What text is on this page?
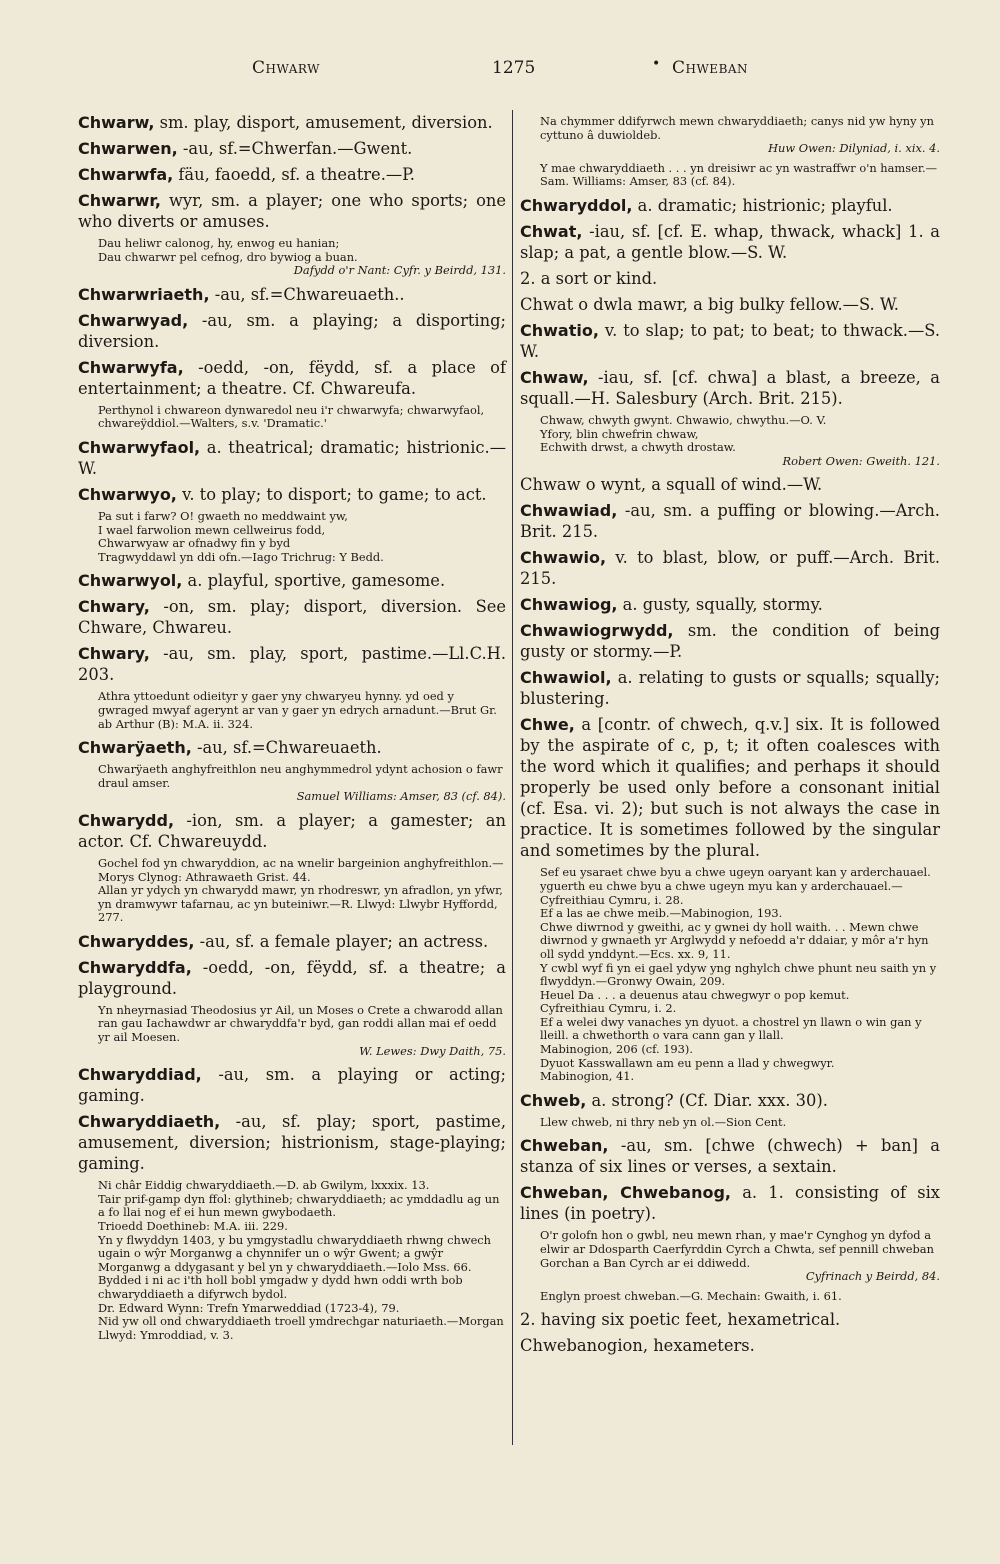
Chwarw	1275	• Chweban
Chwarw, sm. play, disport, amusement, diversion.
Chwarwen, -au, sf.=Chwerfan.—Gwent.
Chwarwfa, fäu, faoedd, sf. a theatre.—P.
Chwarwr, wyr, sm. a player; one who sports; one who diverts or amuses.
Dau heliwr calonog, hy, enwog eu hanian;
Dau chwarwr pel cefnog, dro bywiog a buan.
Dafydd o'r Nant: Cyfr. y Beirdd, 131.
Chwarwriaeth, -au, sf.=Chwareuaeth..
Chwarwyad, -au, sm. a playing; a disporting; diversion.
Chwarwyfa, -oedd, -on, fëydd, sf. a place of entertainment; a theatre. Cf. Chwareufa.
Perthynol i chwareon dynwaredol neu i'r chwarwyfa; chwarwyfaol, chwareÿddiol.—Walters, s.v. 'Dramatic.'
Chwarwyfaol, a. theatrical; dramatic; histrionic.—W.
Chwarwyo, v. to play; to disport; to game; to act.
Pa sut i farw? O! gwaeth no meddwaint yw,
I wael farwolion mewn cellweirus fodd,
Chwarwyaw ar ofnadwy fin y byd
Tragwyddawl yn ddi ofn.—Iago Trichrug: Y Bedd.
Chwarwyol, a. playful, sportive, gamesome.
Chwary, -on, sm. play; disport, diversion. See Chware, Chwareu.
Chwary, -au, sm. play, sport, pastime.—Ll.C.H. 203.
Athra yttoedunt odieityr y gaer yny chwaryeu hynny. yd oed y gwraged mwyaf agerynt ar van y gaer yn edrych arnadunt.—Brut Gr. ab Arthur (B): M.A. ii. 324.
Chwarÿaeth, -au, sf.=Chwareuaeth.
Chwarÿaeth anghyfreithlon neu anghymmedrol ydynt achosion o fawr draul amser.
Samuel Williams: Amser, 83 (cf. 84).
Chwarydd, -ion, sm. a player; a gamester; an actor. Cf. Chwareuydd.
Gochel fod yn chwaryddion, ac na wnelir bargeinion anghyfreithlon.—Morys Clynog: Athrawaeth Grist. 44.
Allan yr ydych yn chwarydd mawr, yn rhodreswr, yn afradlon, yn yfwr, yn dramwywr tafarnau, ac yn buteiniwr.—R. Llwyd: Llwybr Hyffordd, 277.
Chwaryddes, -au, sf. a female player; an actress.
Chwaryddfa, -oedd, -on, fëydd, sf. a theatre; a playground.
Yn nheyrnasiad Theodosius yr Ail, un Moses o Crete a chwarodd allan ran gau Iachawdwr ar chwaryddfa'r byd, gan roddi allan mai ef oedd yr ail Moesen.
W. Lewes: Dwy Daith, 75.
Chwaryddiad, -au, sm. a playing or acting; gaming.
Chwaryddiaeth, -au, sf. play; sport, pastime, amusement, diversion; histrionism, stage-playing; gaming.
Ni châr Eiddig chwaryddiaeth.—D. ab Gwilym, lxxxix. 13.
Tair prif-gamp dyn ffol: glythineb; chwaryddiaeth; ac ymddadlu ag un a fo llai nog ef ei hun mewn gwybodaeth.
Trioedd Doethineb: M.A. iii. 229.
Yn y flwyddyn 1403, y bu ymgystadlu chwaryddiaeth rhwng chwech ugain o wŷr Morganwg a chynnifer un o wŷr Gwent; a gwŷr Morganwg a ddygasant y bel yn y chwaryddiaeth.—Iolo Mss. 66.
Bydded i ni ac i'th holl bobl ymgadw y dydd hwn oddi wrth bob chwaryddiaeth a difyrwch bydol.
Dr. Edward Wynn: Trefn Ymarweddiad (1723-4), 79.
Nid yw oll ond chwaryddiaeth troell ymdrechgar naturiaeth.—Morgan Llwyd: Ymroddiad, v. 3.
Na chymmer ddifyrwch mewn chwaryddiaeth; canys nid yw hyny yn cyttuno â duwioldeb.
Huw Owen: Dilyniad, i. xix. 4.
Y mae chwaryddiaeth . . . yn dreisiwr ac yn wastraffwr o'n hamser.—Sam. Williams: Amser, 83 (cf. 84).
Chwaryddol, a. dramatic; histrionic; playful.
Chwat, -iau, sf. [cf. E. whap, thwack, whack] 1. a slap; a pat, a gentle blow.—S. W.
2. a sort or kind.
Chwat o dwla mawr, a big bulky fellow.—S. W.
Chwatio, v. to slap; to pat; to beat; to thwack.—S. W.
Chwaw, -iau, sf. [cf. chwa] a blast, a breeze, a squall.—H. Salesbury (Arch. Brit. 215).
Chwaw, chwyth gwynt. Chwawio, chwythu.—O. V.
Yfory, blin chwefrin chwaw,
Echwith drwst, a chwyth drostaw.
Robert Owen: Gweith. 121.
Chwaw o wynt, a squall of wind.—W.
Chwawiad, -au, sm. a puffing or blowing.—Arch. Brit. 215.
Chwawio, v. to blast, blow, or puff.—Arch. Brit. 215.
Chwawiog, a. gusty, squally, stormy.
Chwawiogrwydd, sm. the condition of being gusty or stormy.—P.
Chwawiol, a. relating to gusts or squalls; squally; blustering.
Chwe, a [contr. of chwech, q.v.] six. It is followed by the aspirate of c, p, t; it often coalesces with the word which it qualifies; and perhaps it should properly be used only before a consonant initial (cf. Esa. vi. 2); but such is not always the case in practice. It is sometimes followed by the singular and sometimes by the plural.
Sef eu ysaraet chwe byu a chwe ugeyn oaryant kan y arderchauael. yguerth eu chwe byu a chwe ugeyn myu kan y arderchauael.—Cyfreithiau Cymru, i. 28.
Ef a las ae chwe meib.—Mabinogion, 193.
Chwe diwrnod y gweithi, ac y gwnei dy holl waith. . . Mewn chwe diwrnod y gwnaeth yr Arglwydd y nefoedd a'r ddaiar, y môr a'r hyn oll sydd ynddynt.—Ecs. xx. 9, 11.
Y cwbl wyf fi yn ei gael ydyw yng nghylch chwe phunt neu saith yn y flwyddyn.—Gronwy Owain, 209.
Heuel Da . . . a deuenus atau chwegwyr o pop kemut.
Cyfreithiau Cymru, i. 2.
Ef a welei dwy vanaches yn dyuot. a chostrel yn llawn o win gan y lleill. a chwethorth o vara cann gan y llall.
Mabinogion, 206 (cf. 193).
Dyuot Kasswallawn am eu penn a llad y chwegwyr.
Mabinogion, 41.
Chweb, a. strong? (Cf. Diar. xxx. 30).
Llew chweb, ni thry neb yn ol.—Sion Cent.
Chweban, -au, sm. [chwe (chwech) + ban] a stanza of six lines or verses, a sextain.
Chweban, Chwebanog, a. 1. consisting of six lines (in poetry).
O'r golofn hon o gwbl, neu mewn rhan, y mae'r Cynghog yn dyfod a elwir ar Ddosparth Caerfyrddin Cyrch a Chwta, sef pennill chweban Gorchan a Ban Cyrch ar ei ddiwedd.
Cyfrinach y Beirdd, 84.
Englyn proest chweban.—G. Mechain: Gwaith, i. 61.
2. having six poetic feet, hexametrical.
Chwebanogion, hexameters.
